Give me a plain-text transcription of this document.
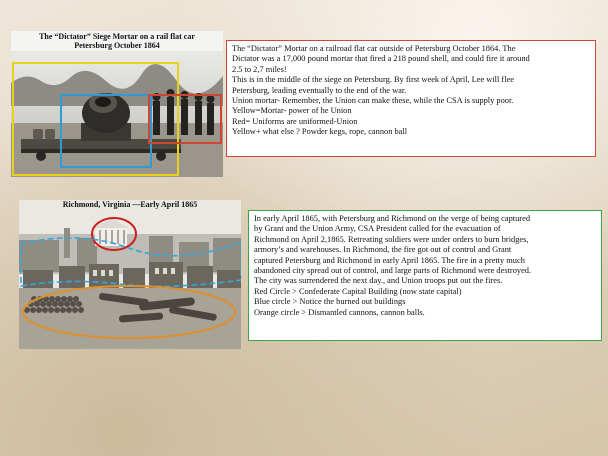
The “Dictator” Siege Mortar on a rail flat car
Petersburg October 1864	The “Dictator” Mortar on a railroad flat car outside of Petersburg October 1864. The

Dictator was a 17,000 pound mortar that fired a 218 pound shell, and could fire it around

2.5 to 2,7 miles!

This is in the middle of the siege on Petersburg. By first week of April, Lee will flee

Petersburg, leading eventually to the end of the war.

Union mortar- Remember, the Union can make these, while the CSA is supply poor.

Yellow=Mortar- power of he Union

Red= Uniforms are uniformed-Union

Yellow+ what else ? Powder kegs, rope, cannon ball

Richmond, Virginia —Early April 1865

In early April 1865, with Petersburg and Richmond on the verge of being captured

by Grant and the Union Army, CSA President called for the evacuation of

Richmond on April 2,1865. Retreating soldiers were under orders to burn bridges,

armory’s and warehouses. In Richmond, the fire got out of control and Grant

captured Petersburg and Richmond in early April 1865. The fire in a pretty much

abandoned city spread out of control, and large parts of Richmond were destroyed.

The city was surrendered the next day., and Union troops put out the fires.

Red Circle > Confederate Capital Building (now state capital)

Blue circle > Notice the burned out buildings

Orange circle > Dismantled cannons, cannon balls.
